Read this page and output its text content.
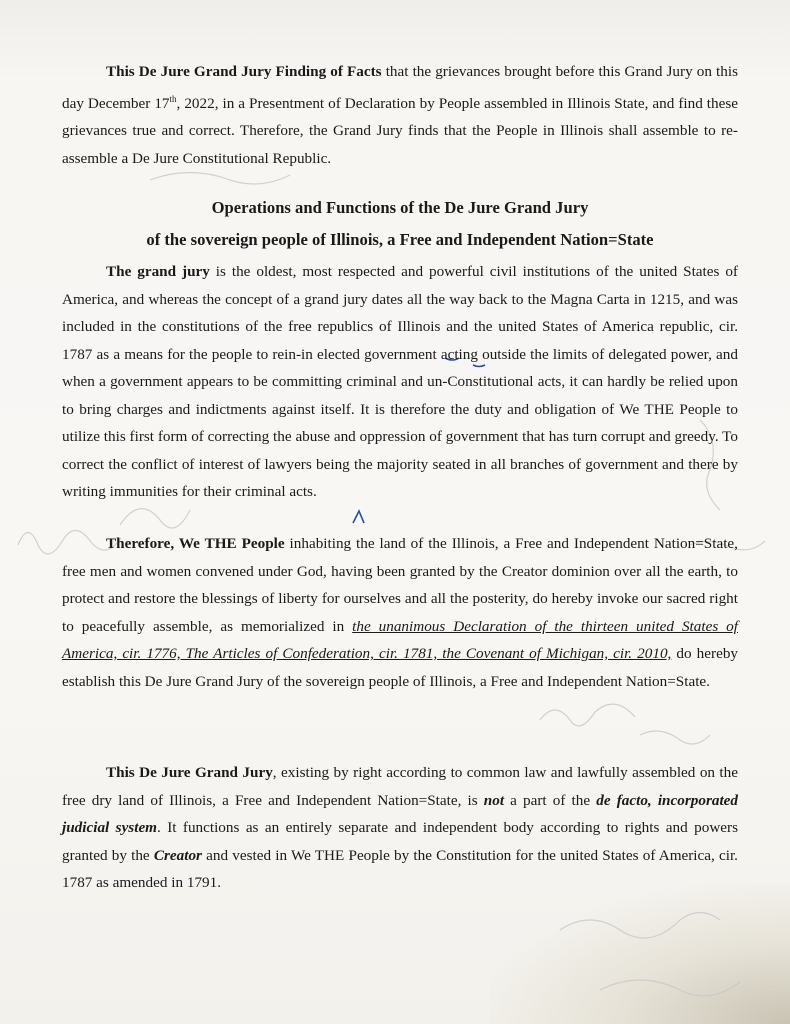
This De Jure Grand Jury Finding of Facts that the grievances brought before this Grand Jury on this day December 17th, 2022, in a Presentment of Declaration by People assembled in Illinois State, and find these grievances true and correct. Therefore, the Grand Jury finds that the People in Illinois shall assemble to re-assemble a De Jure Constitutional Republic.

Operations and Functions of the De Jure Grand Jury
of the sovereign people of Illinois, a Free and Independent Nation=State

The grand jury is the oldest, most respected and powerful civil institutions of the united States of America, and whereas the concept of a grand jury dates all the way back to the Magna Carta in 1215, and was included in the constitutions of the free republics of Illinois and the united States of America republic, cir. 1787 as a means for the people to rein-in elected government acting outside the limits of delegated power, and when a government appears to be committing criminal and un-Constitutional acts, it can hardly be relied upon to bring charges and indictments against itself. It is therefore the duty and obligation of We THE People to utilize this first form of correcting the abuse and oppression of government that has turn corrupt and greedy. To correct the conflict of interest of lawyers being the majority seated in all branches of government and there by writing immunities for their criminal acts.

Therefore, We THE People inhabiting the land of the Illinois, a Free and Independent Nation=State, free men and women convened under God, having been granted by the Creator dominion over all the earth, to protect and restore the blessings of liberty for ourselves and all the posterity, do hereby invoke our sacred right to peacefully assemble, as memorialized in the unanimous Declaration of the thirteen united States of America, cir. 1776, The Articles of Confederation, cir. 1781, the Covenant of Michigan, cir. 2010, do hereby establish this De Jure Grand Jury of the sovereign people of Illinois, a Free and Independent Nation=State.

This De Jure Grand Jury, existing by right according to common law and lawfully assembled on the free dry land of Illinois, a Free and Independent Nation=State, is not a part of the de facto, incorporated judicial system. It functions as an entirely separate and independent body according to rights and powers granted by the Creator and vested in We THE People by the Constitution for the united States of America, cir. 1787 as amended in 1791.
